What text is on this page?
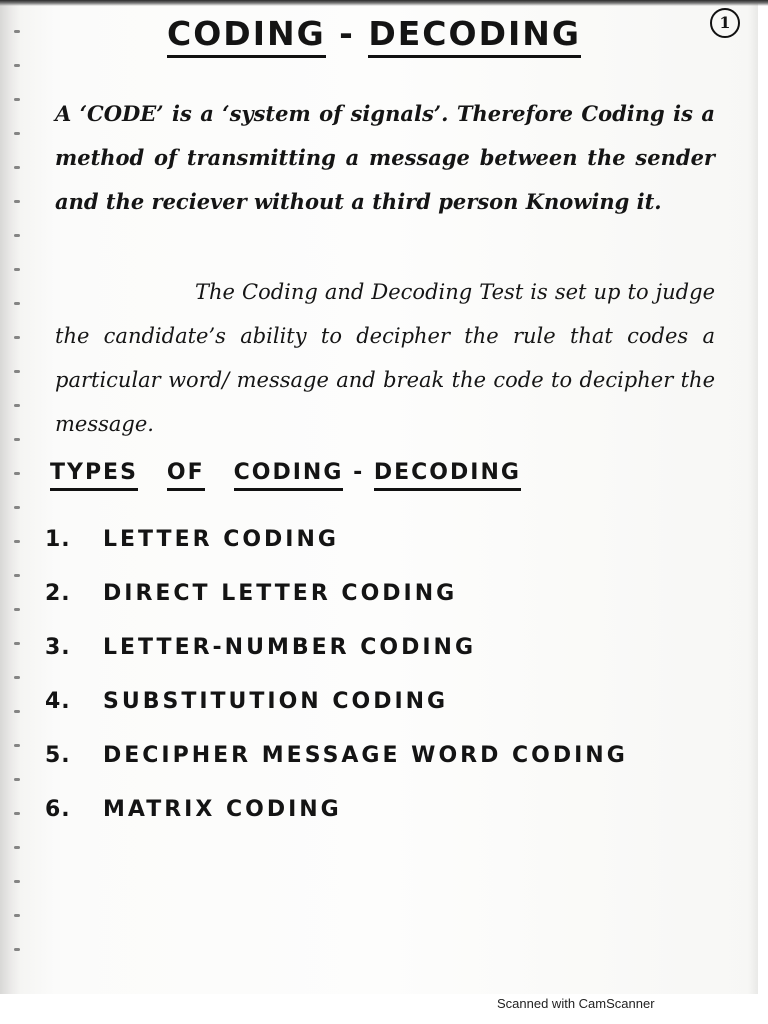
1
CODING - DECODING
A ‘CODE’ is a ‘system of signals’. Therefore Coding is a method of transmitting a message between the sender and the reciever without a third person Knowing it.
The Coding and Decoding Test is set up to judge the candidate’s ability to decipher the rule that codes a particular word/ message and break the code to decipher the message.
TYPES OF CODING - DECODING
1. LETTER CODING
2. DIRECT LETTER CODING
3. LETTER-NUMBER CODING
4. SUBSTITUTION CODING
5. DECIPHER MESSAGE WORD CODING
6. MATRIX CODING
Scanned with CamScanner
